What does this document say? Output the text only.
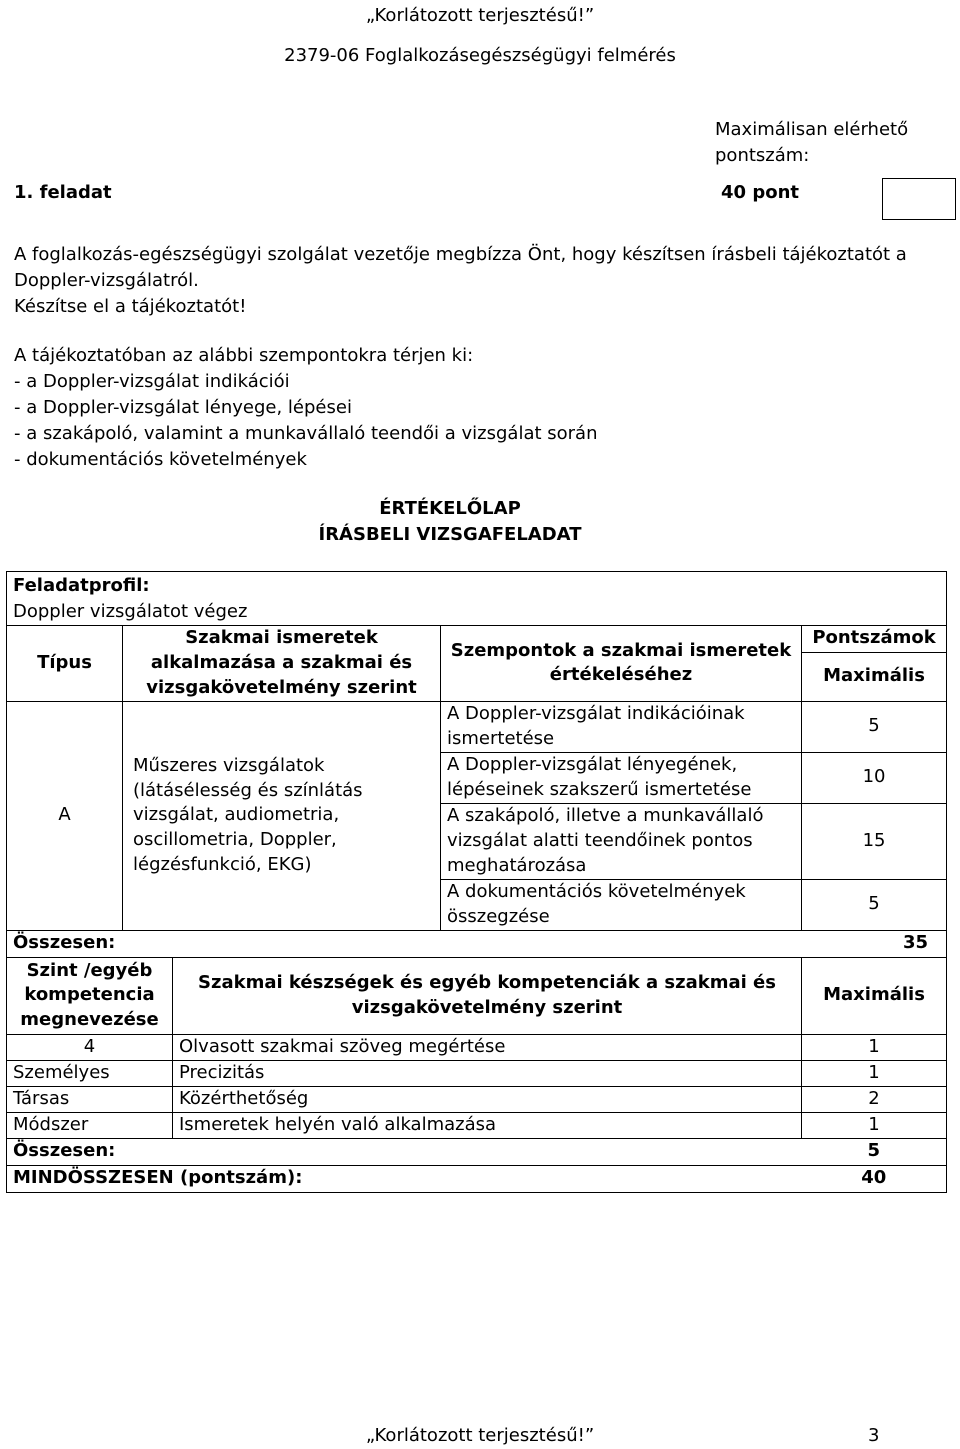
„Korlátozott terjesztésű!”
2379-06 Foglalkozásegészségügyi felmérés
Maximálisan elérhető
pontszám:
1. feladat	40 pont
A foglalkozás-egészségügyi szolgálat vezetője megbízza Önt, hogy készítsen írásbeli tájékoztatót a
Doppler-vizsgálatról.
Készítse el a tájékoztatót!
A tájékoztatóban az alábbi szempontokra térjen ki:
- a Doppler-vizsgálat indikációi
- a Doppler-vizsgálat lényege, lépései
- a szakápoló, valamint a munkavállaló teendői a vizsgálat során
- dokumentációs követelmények
ÉRTÉKELŐLAP
ÍRÁSBELI VIZSGAFELADAT
Feladatprofil:				
Doppler vizsgálatot végez				
Típus	Szakmai ismeretek alkalmazása a szakmai és vizsgakövetelmény szerint		Szempontok a szakmai ismeretek értékeléséhez	Pontszámok
				Maximális
A	Műszeres vizsgálatok (látásélesség és színlátás vizsgálat, audiometria, oscillometria, Doppler, légzésfunkció, EKG)		A Doppler-vizsgálat indikációinak ismertetése	5
			A Doppler-vizsgálat lényegének, lépéseinek szakszerű ismertetése	10
			A szakápoló, illetve a munkavállaló vizsgálat alatti teendőinek pontos meghatározása	15
			A dokumentációs követelmények összegzése	5
Összesen:				35
Szint /egyéb kompetencia megnevezése		Szakmai készségek és egyéb kompetenciák a szakmai és vizsgakövetelmény szerint		Maximális
4		Olvasott szakmai szöveg megértése		1
Személyes		Precizitás		1
Társas		Közérthetőség		2
Módszer		Ismeretek helyén való alkalmazása		1
Összesen:				5
MINDÖSSZESEN (pontszám):				40
„Korlátozott terjesztésű!”	3
